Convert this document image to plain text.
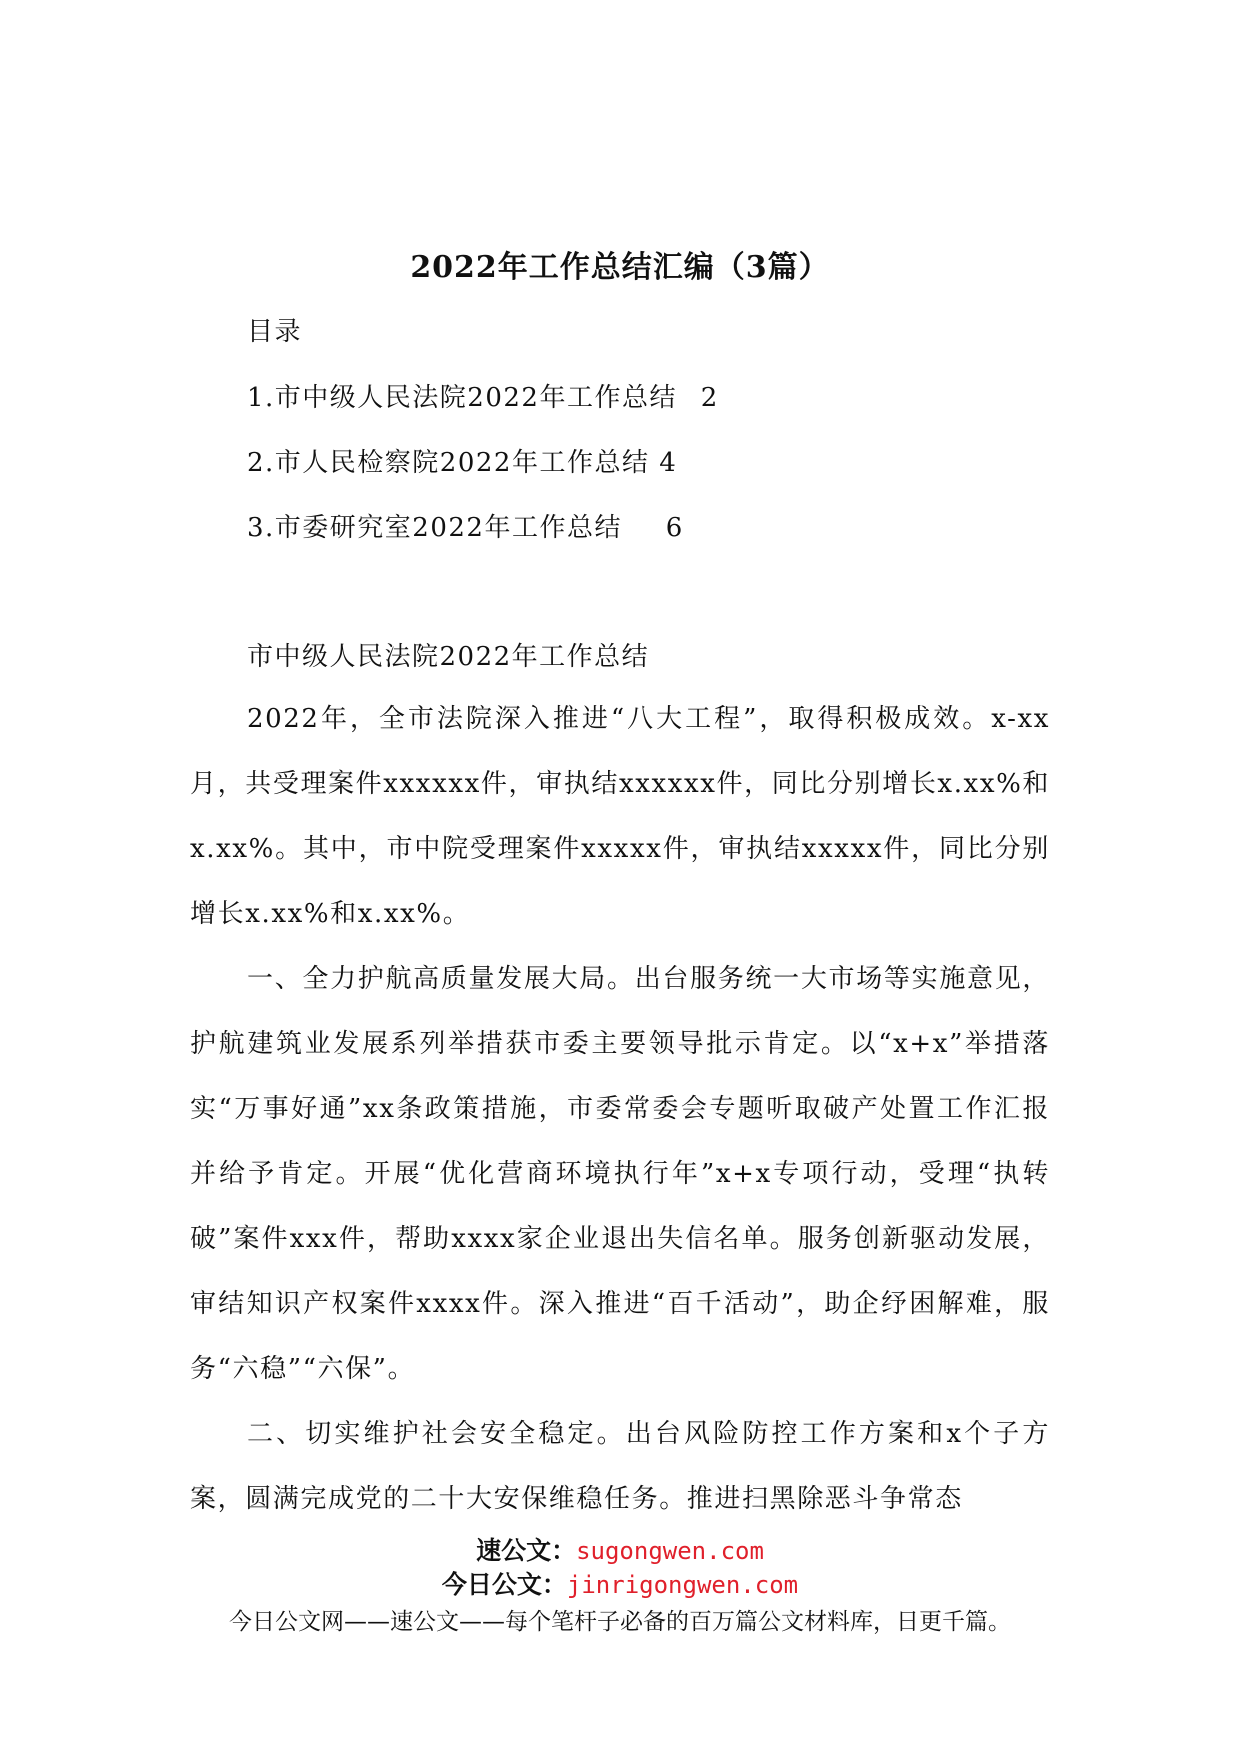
2022年工作总结汇编（3篇）
目录
1.市中级人民法院2022年工作总结 2
2.市人民检察院2022年工作总结 4
3.市委研究室2022年工作总结 6
市中级人民法院2022年工作总结
2022年，全市法院深入推进“八大工程”，取得积极成效。x-xx月，共受理案件xxxxxx件，审执结xxxxxx件，同比分别增长x.xx%和x.xx%。其中，市中院受理案件xxxxx件，审执结xxxxx件，同比分别增长x.xx%和x.xx%。
一、全力护航高质量发展大局。出台服务统一大市场等实施意见，护航建筑业发展系列举措获市委主要领导批示肯定。以“x+x”举措落实“万事好通”xx条政策措施，市委常委会专题听取破产处置工作汇报并给予肯定。开展“优化营商环境执行年”x+x专项行动，受理“执转破”案件xxx件，帮助xxxx家企业退出失信名单。服务创新驱动发展，审结知识产权案件xxxx件。深入推进“百千活动”，助企纾困解难，服务“六稳”“六保”。
二、切实维护社会安全稳定。出台风险防控工作方案和x个子方案，圆满完成党的二十大安保维稳任务。推进扫黑除恶斗争常态
速公文：sugongwen.com
今日公文：jinrigongwen.com
今日公文网——速公文——每个笔杆子必备的百万篇公文材料库，日更千篇。
